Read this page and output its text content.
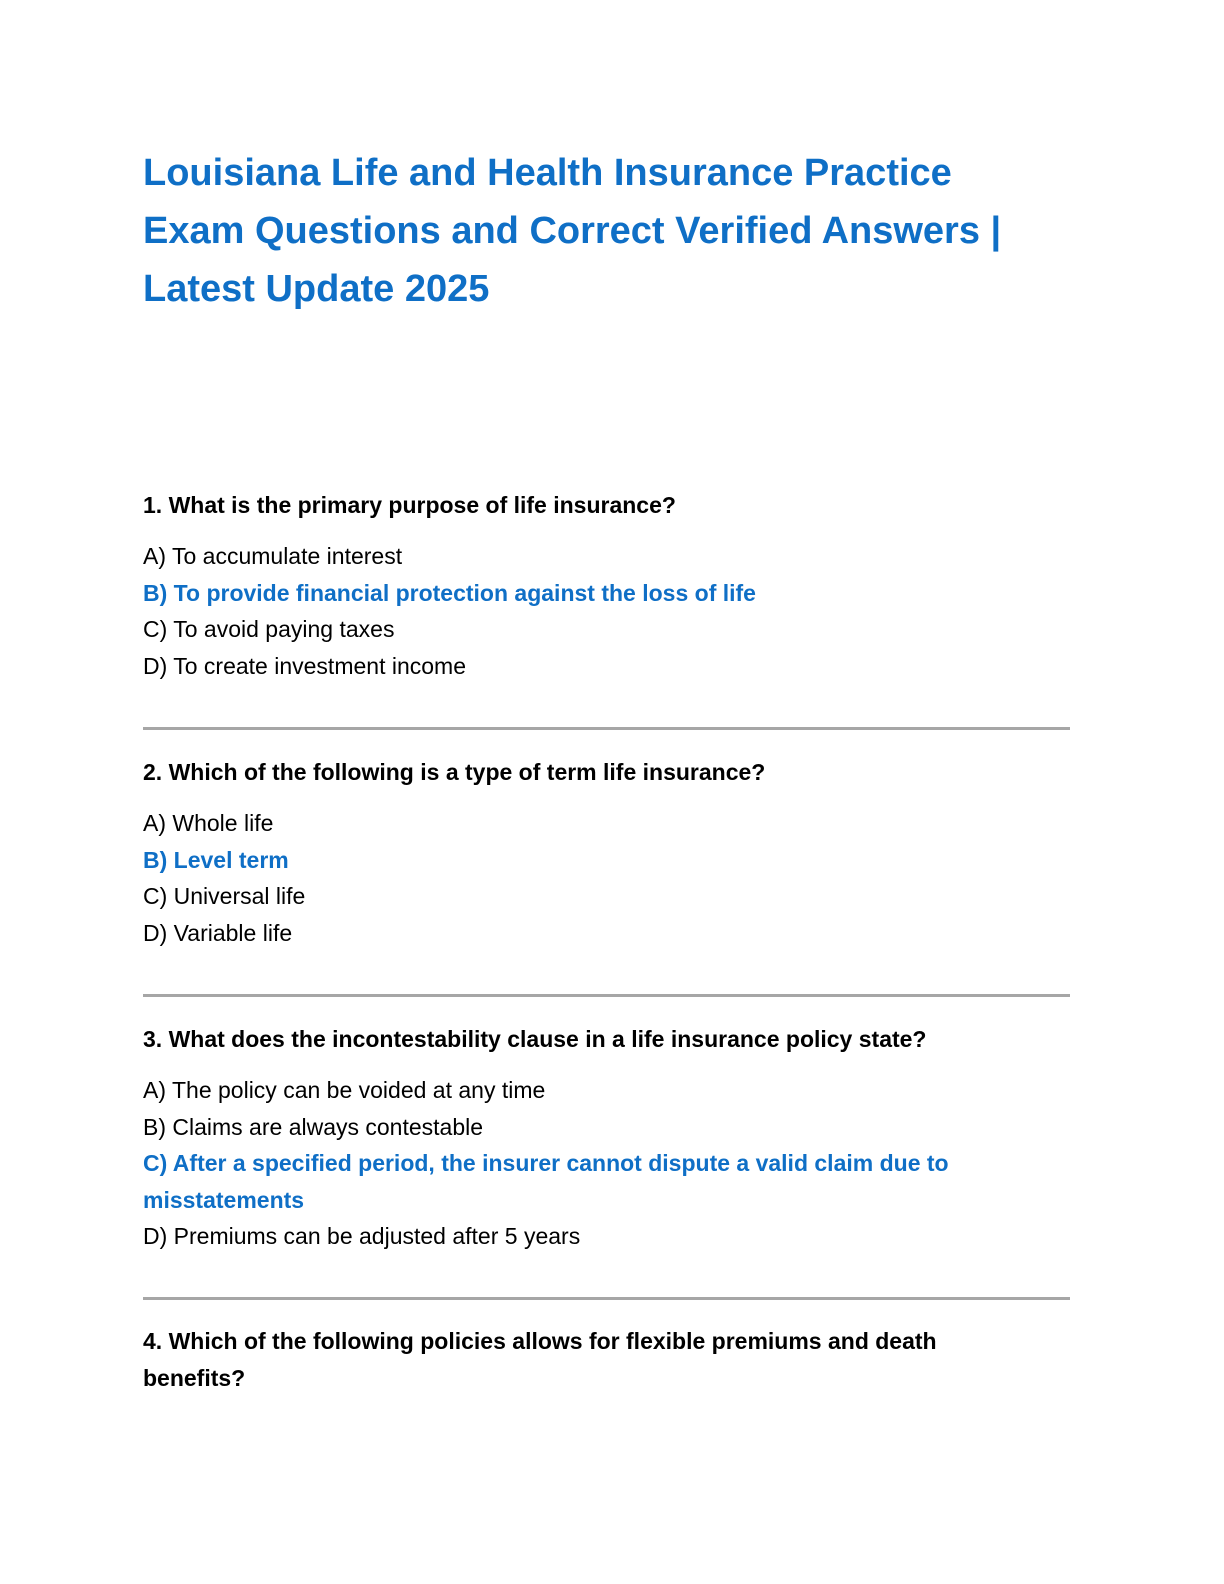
Louisiana Life and Health Insurance Practice Exam Questions and Correct Verified Answers | Latest Update 2025

1. What is the primary purpose of life insurance?

A) To accumulate interest
B) To provide financial protection against the loss of life
C) To avoid paying taxes
D) To create investment income

2. Which of the following is a type of term life insurance?

A) Whole life
B) Level term
C) Universal life
D) Variable life

3. What does the incontestability clause in a life insurance policy state?

A) The policy can be voided at any time
B) Claims are always contestable
C) After a specified period, the insurer cannot dispute a valid claim due to misstatements
D) Premiums can be adjusted after 5 years

4. Which of the following policies allows for flexible premiums and death benefits?
